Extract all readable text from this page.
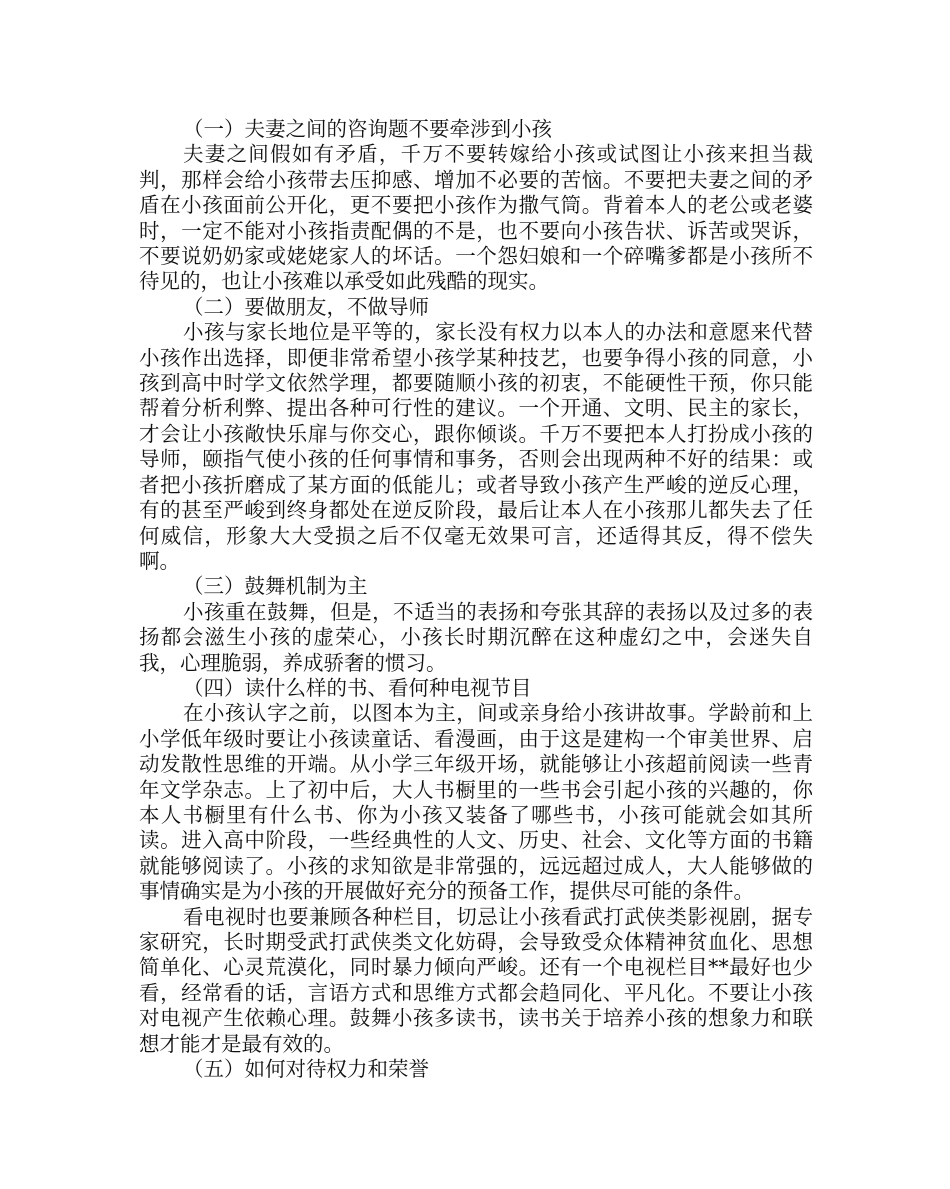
（一）夫妻之间的咨询题不要牵涉到小孩

夫妻之间假如有矛盾，千万不要转嫁给小孩或试图让小孩来担当裁判，那样会给小孩带去压抑感、增加不必要的苦恼。不要把夫妻之间的矛盾在小孩面前公开化，更不要把小孩作为撒气筒。背着本人的老公或老婆时，一定不能对小孩指责配偶的不是，也不要向小孩告状、诉苦或哭诉，不要说奶奶家或姥姥家人的坏话。一个怨妇娘和一个碎嘴爹都是小孩所不待见的，也让小孩难以承受如此残酷的现实。

（二）要做朋友，不做导师

小孩与家长地位是平等的，家长没有权力以本人的办法和意愿来代替小孩作出选择，即便非常希望小孩学某种技艺，也要争得小孩的同意，小孩到高中时学文依然学理，都要随顺小孩的初衷，不能硬性干预，你只能帮着分析利弊、提出各种可行性的建议。一个开通、文明、民主的家长，才会让小孩敞快乐扉与你交心，跟你倾谈。千万不要把本人打扮成小孩的导师，颐指气使小孩的任何事情和事务，否则会出现两种不好的结果：或者把小孩折磨成了某方面的低能儿；或者导致小孩产生严峻的逆反心理，有的甚至严峻到终身都处在逆反阶段，最后让本人在小孩那儿都失去了任何威信，形象大大受损之后不仅毫无效果可言，还适得其反，得不偿失啊。

（三）鼓舞机制为主

小孩重在鼓舞，但是，不适当的表扬和夸张其辞的表扬以及过多的表扬都会滋生小孩的虚荣心，小孩长时期沉醉在这种虚幻之中，会迷失自我，心理脆弱，养成骄奢的惯习。

（四）读什么样的书、看何种电视节目

在小孩认字之前，以图本为主，间或亲身给小孩讲故事。学龄前和上小学低年级时要让小孩读童话、看漫画，由于这是建构一个审美世界、启动发散性思维的开端。从小学三年级开场，就能够让小孩超前阅读一些青年文学杂志。上了初中后，大人书橱里的一些书会引起小孩的兴趣的，你本人书橱里有什么书、你为小孩又装备了哪些书，小孩可能就会如其所读。进入高中阶段，一些经典性的人文、历史、社会、文化等方面的书籍就能够阅读了。小孩的求知欲是非常强的，远远超过成人，大人能够做的事情确实是为小孩的开展做好充分的预备工作，提供尽可能的条件。

看电视时也要兼顾各种栏目，切忌让小孩看武打武侠类影视剧，据专家研究，长时期受武打武侠类文化妨碍，会导致受众体精神贫血化、思想简单化、心灵荒漠化，同时暴力倾向严峻。还有一个电视栏目**最好也少看，经常看的话，言语方式和思维方式都会趋同化、平凡化。不要让小孩对电视产生依赖心理。鼓舞小孩多读书，读书关于培养小孩的想象力和联想才能才是最有效的。

（五）如何对待权力和荣誉
